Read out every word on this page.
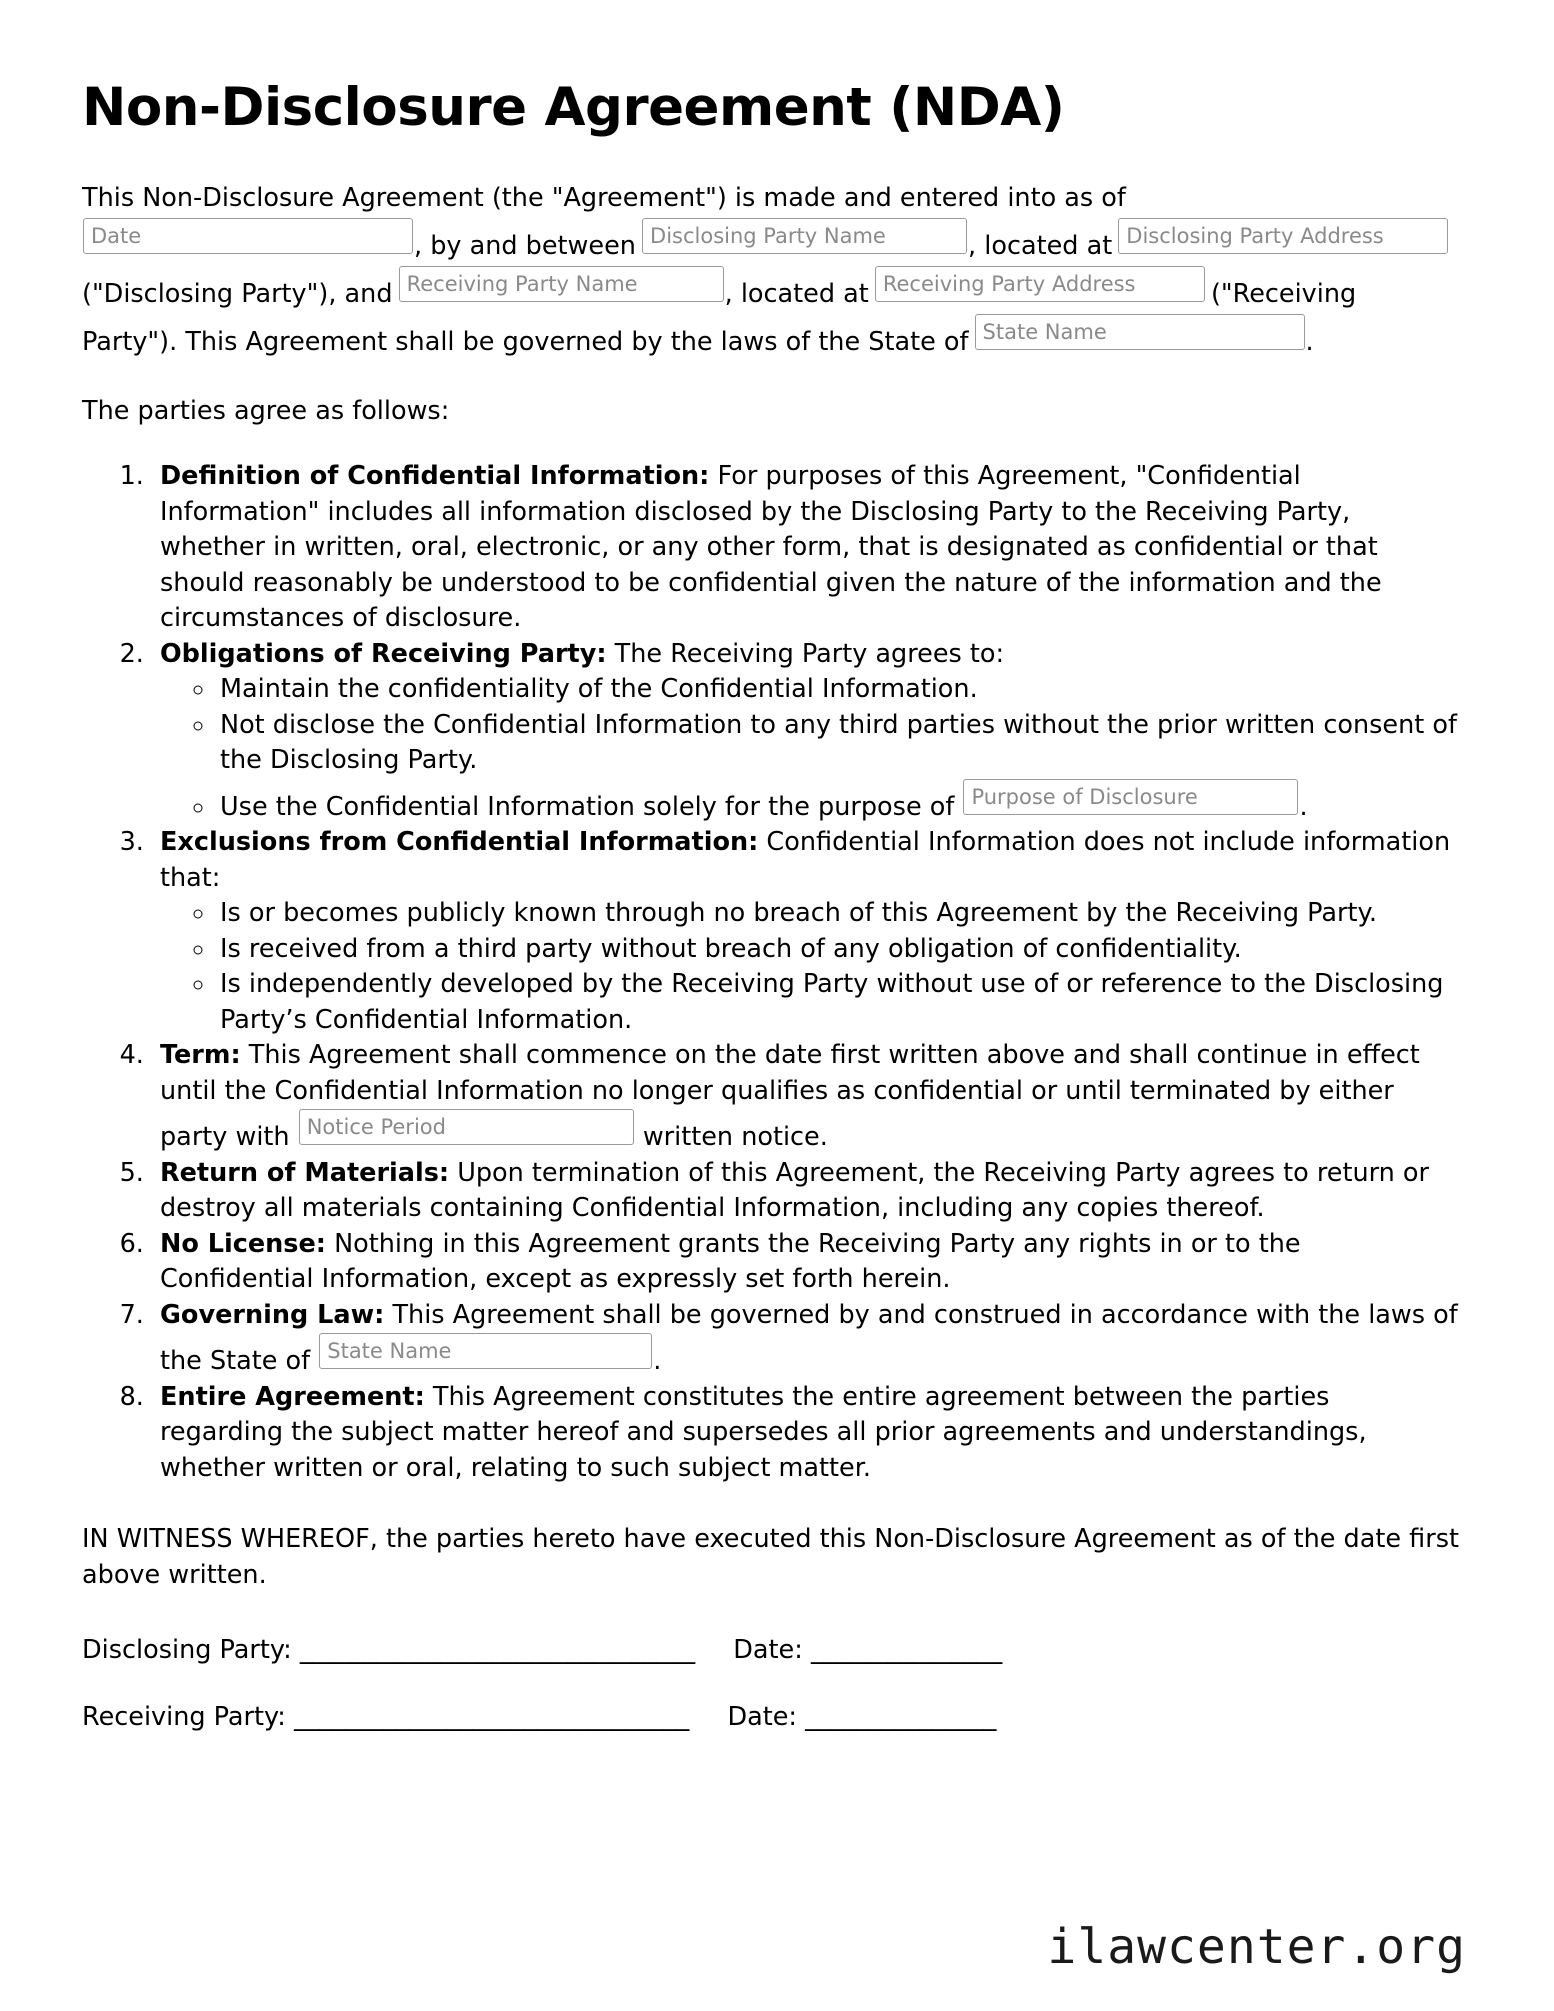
Non-Disclosure Agreement (NDA)
This Non-Disclosure Agreement (the "Agreement") is made and entered into as of Date	, by and between Disclosing Party Name	, located at Disclosing Party Address ("Disclosing Party"), and Receiving Party Name	, located at Receiving Party Address	("Receiving Party"). This Agreement shall be governed by the laws of the State of State Name	.

The parties agree as follows:

1. Definition of Confidential Information: For purposes of this Agreement, "Confidential Information" includes all information disclosed by the Disclosing Party to the Receiving Party, whether in written, oral, electronic, or any other form, that is designated as confidential or that should reasonably be understood to be confidential given the nature of the information and the circumstances of disclosure.
2. Obligations of Receiving Party: The Receiving Party agrees to:
◦ Maintain the confidentiality of the Confidential Information.
◦ Not disclose the Confidential Information to any third parties without the prior written consent of the Disclosing Party.
◦ Use the Confidential Information solely for the purpose of Purpose of Disclosure	.
3. Exclusions from Confidential Information: Confidential Information does not include information that:
◦ Is or becomes publicly known through no breach of this Agreement by the Receiving Party.
◦ Is received from a third party without breach of any obligation of confidentiality.
◦ Is independently developed by the Receiving Party without use of or reference to the Disclosing Party’s Confidential Information.
4. Term: This Agreement shall commence on the date first written above and shall continue in effect until the Confidential Information no longer qualifies as confidential or until terminated by either party with Notice Period	written notice.
5. Return of Materials: Upon termination of this Agreement, the Receiving Party agrees to return or destroy all materials containing Confidential Information, including any copies thereof.
6. No License: Nothing in this Agreement grants the Receiving Party any rights in or to the Confidential Information, except as expressly set forth herein.
7. Governing Law: This Agreement shall be governed by and construed in accordance with the laws of the State of State Name	.
8. Entire Agreement: This Agreement constitutes the entire agreement between the parties regarding the subject matter hereof and supersedes all prior agreements and understandings, whether written or oral, relating to such subject matter.

IN WITNESS WHEREOF, the parties hereto have executed this Non-Disclosure Agreement as of the date first above written.

Disclosing Party: _______________________________ Date: _______________
Receiving Party: _______________________________ Date: _______________
ilawcenter.org
